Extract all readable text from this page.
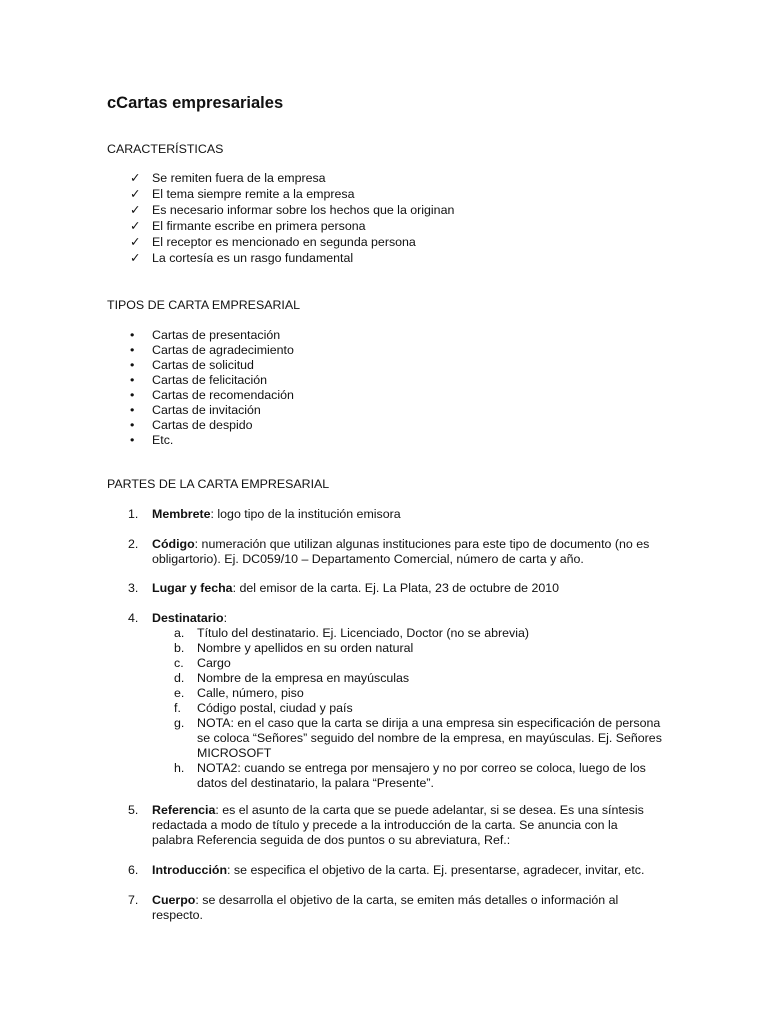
cCartas empresariales
CARACTERÍSTICAS
✓ Se remiten fuera de la empresa
✓ El tema siempre remite a la empresa
✓ Es necesario informar sobre los hechos que la originan
✓ El firmante escribe en primera persona
✓ El receptor es mencionado en segunda persona
✓ La cortesía es un rasgo fundamental
TIPOS DE CARTA EMPRESARIAL
• Cartas de presentación
• Cartas de agradecimiento
• Cartas de solicitud
• Cartas de felicitación
• Cartas de recomendación
• Cartas de invitación
• Cartas de despido
• Etc.
PARTES DE LA CARTA EMPRESARIAL
1. Membrete: logo tipo de la institución emisora
2. Código: numeración que utilizan algunas instituciones para este tipo de documento (no es obligartorio). Ej. DC059/10 – Departamento Comercial, número de carta y año.
3. Lugar y fecha: del emisor de la carta. Ej. La Plata, 23 de octubre de 2010
4. Destinatario:
a. Título del destinatario. Ej. Licenciado, Doctor (no se abrevia)
b. Nombre y apellidos en su orden natural
c. Cargo
d. Nombre de la empresa en mayúsculas
e. Calle, número, piso
f. Código postal, ciudad y país
g. NOTA: en el caso que la carta se dirija a una empresa sin especificación de persona se coloca “Señores” seguido del nombre de la empresa, en mayúsculas. Ej. Señores MICROSOFT
h. NOTA2: cuando se entrega por mensajero y no por correo se coloca, luego de los datos del destinatario, la palara “Presente”.
5. Referencia: es el asunto de la carta que se puede adelantar, si se desea. Es una síntesis redactada a modo de título y precede a la introducción de la carta. Se anuncia con la palabra Referencia seguida de dos puntos o su abreviatura, Ref.:
6. Introducción: se especifica el objetivo de la carta. Ej. presentarse, agradecer, invitar, etc.
7. Cuerpo: se desarrolla el objetivo de la carta, se emiten más detalles o información al respecto.
